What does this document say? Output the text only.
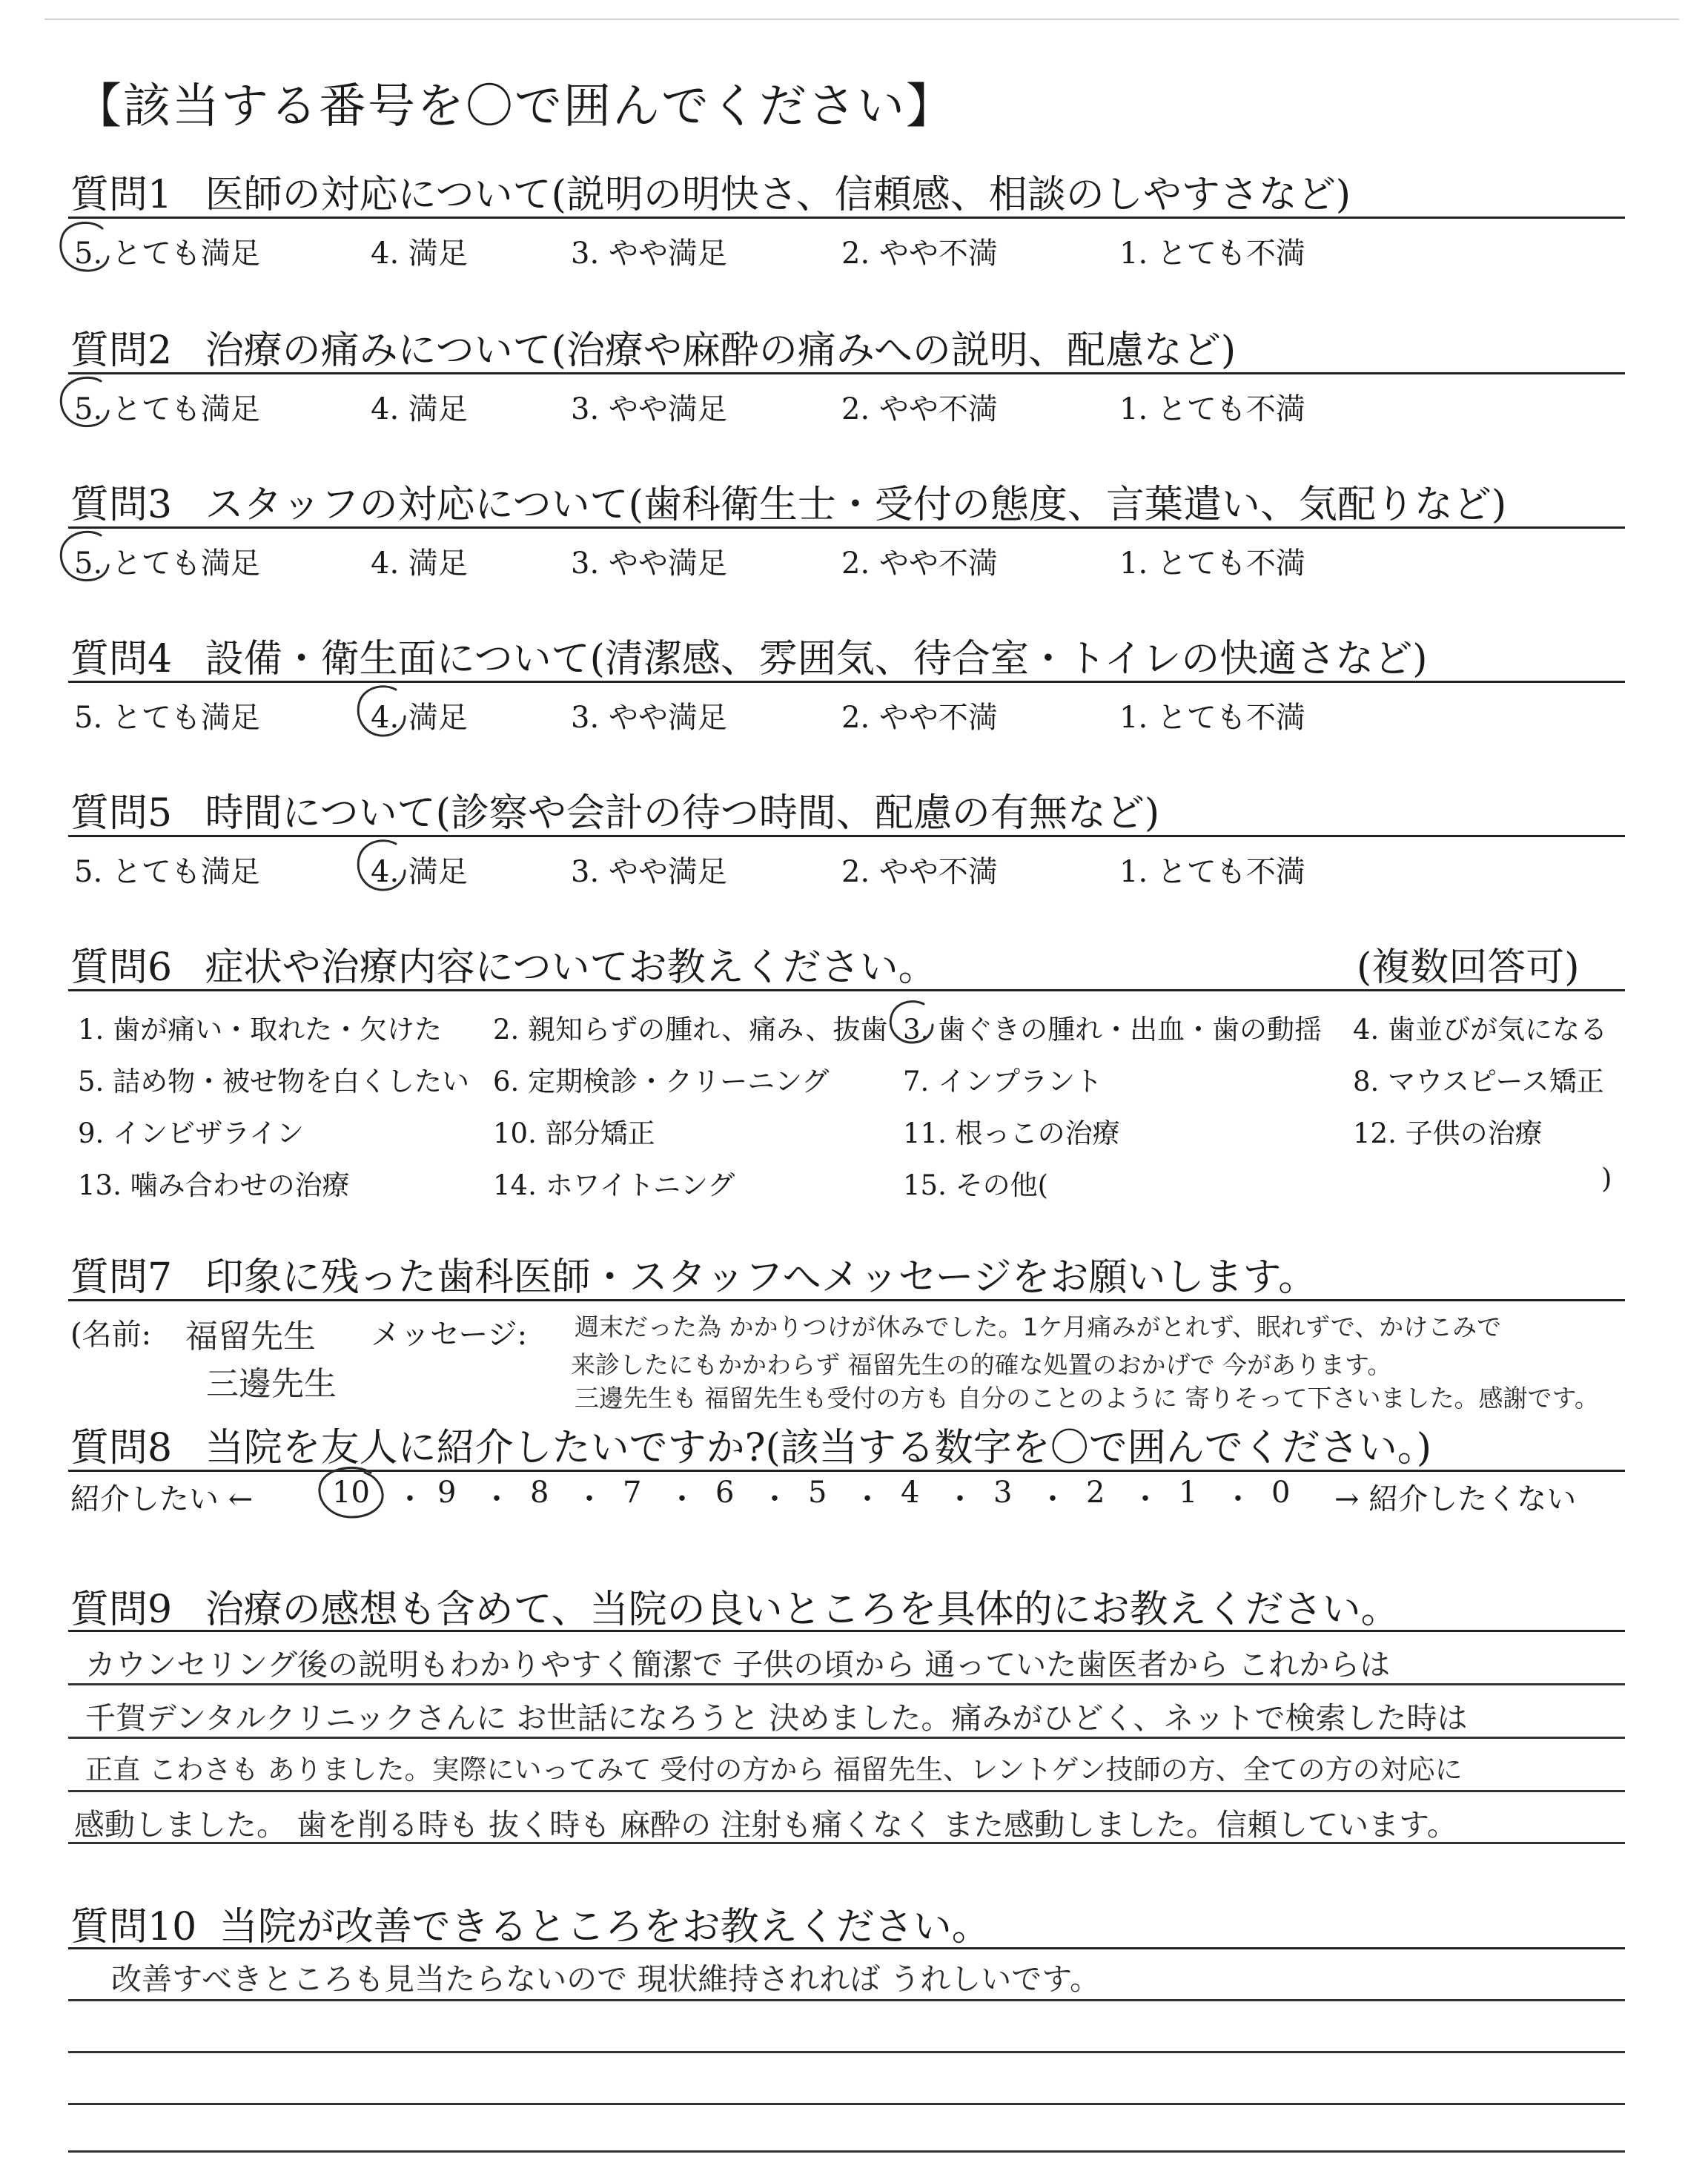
【該当する番号を〇で囲んでください】
質問1 医師の対応について(説明の明快さ、信頼感、相談のしやすさなど)
5. とても満足	4. 満足	3. やや満足	2. やや不満	1. とても不満
質問2 治療の痛みについて(治療や麻酔の痛みへの説明、配慮など)
5. とても満足	4. 満足	3. やや満足	2. やや不満	1. とても不満
質問3 スタッフの対応について(歯科衛生士・受付の態度、言葉遣い、気配りなど)
5. とても満足	4. 満足	3. やや満足	2. やや不満	1. とても不満
質問4 設備・衛生面について(清潔感、雰囲気、待合室・トイレの快適さなど)
5. とても満足	4. 満足	3. やや満足	2. やや不満	1. とても不満
質問5 時間について(診察や会計の待つ時間、配慮の有無など)
5. とても満足	4. 満足	3. やや満足	2. やや不満	1. とても不満
質問6 症状や治療内容についてお教えください。	(複数回答可)
1. 歯が痛い・取れた・欠けた 2. 親知らずの腫れ、痛み、抜歯 3. 歯ぐきの腫れ・出血・歯の動揺 4. 歯並びが気になる
5. 詰め物・被せ物を白くしたい 6. 定期検診・クリーニング	7. インプラント	8. マウスピース矯正
9. インビザライン	10. 部分矯正	11. 根っこの治療	12. 子供の治療
13. 噛み合わせの治療	14. ホワイトニング	15. その他(	)
質問7 印象に残った歯科医師・スタッフへメッセージをお願いします。
(名前:	メッセージ:
福留先生
三邊先生
週末だった為 かかりつけが休みでした。1ケ月痛みがとれず、眠れずで、かけこみで
来診したにもかかわらず 福留先生の的確な処置のおかげで 今があります。
三邊先生も 福留先生も受付の方も 自分のことのように 寄りそって下さいました。感謝です。
質問8 当院を友人に紹介したいですか?(該当する数字を〇で囲んでください。)
紹介したい ←	10 ・ 9 ・ 8 ・ 7 ・ 6 ・ 5 ・ 4 ・ 3 ・ 2 ・ 1 ・ 0 → 紹介したくない
質問9 治療の感想も含めて、当院の良いところを具体的にお教えください。
カウンセリング後の説明もわかりやすく簡潔で 子供の頃から 通っていた歯医者から これからは
千賀デンタルクリニックさんに お世話になろうと 決めました。痛みがひどく、ネットで検索した時は
正直 こわさも ありました。実際にいってみて 受付の方から 福留先生、レントゲン技師の方、全ての方の対応に
感動しました。 歯を削る時も 抜く時も 麻酔の 注射も痛くなく また感動しました。信頼しています。
質問10 当院が改善できるところをお教えください。
改善すべきところも見当たらないので 現状維持されれば うれしいです。
